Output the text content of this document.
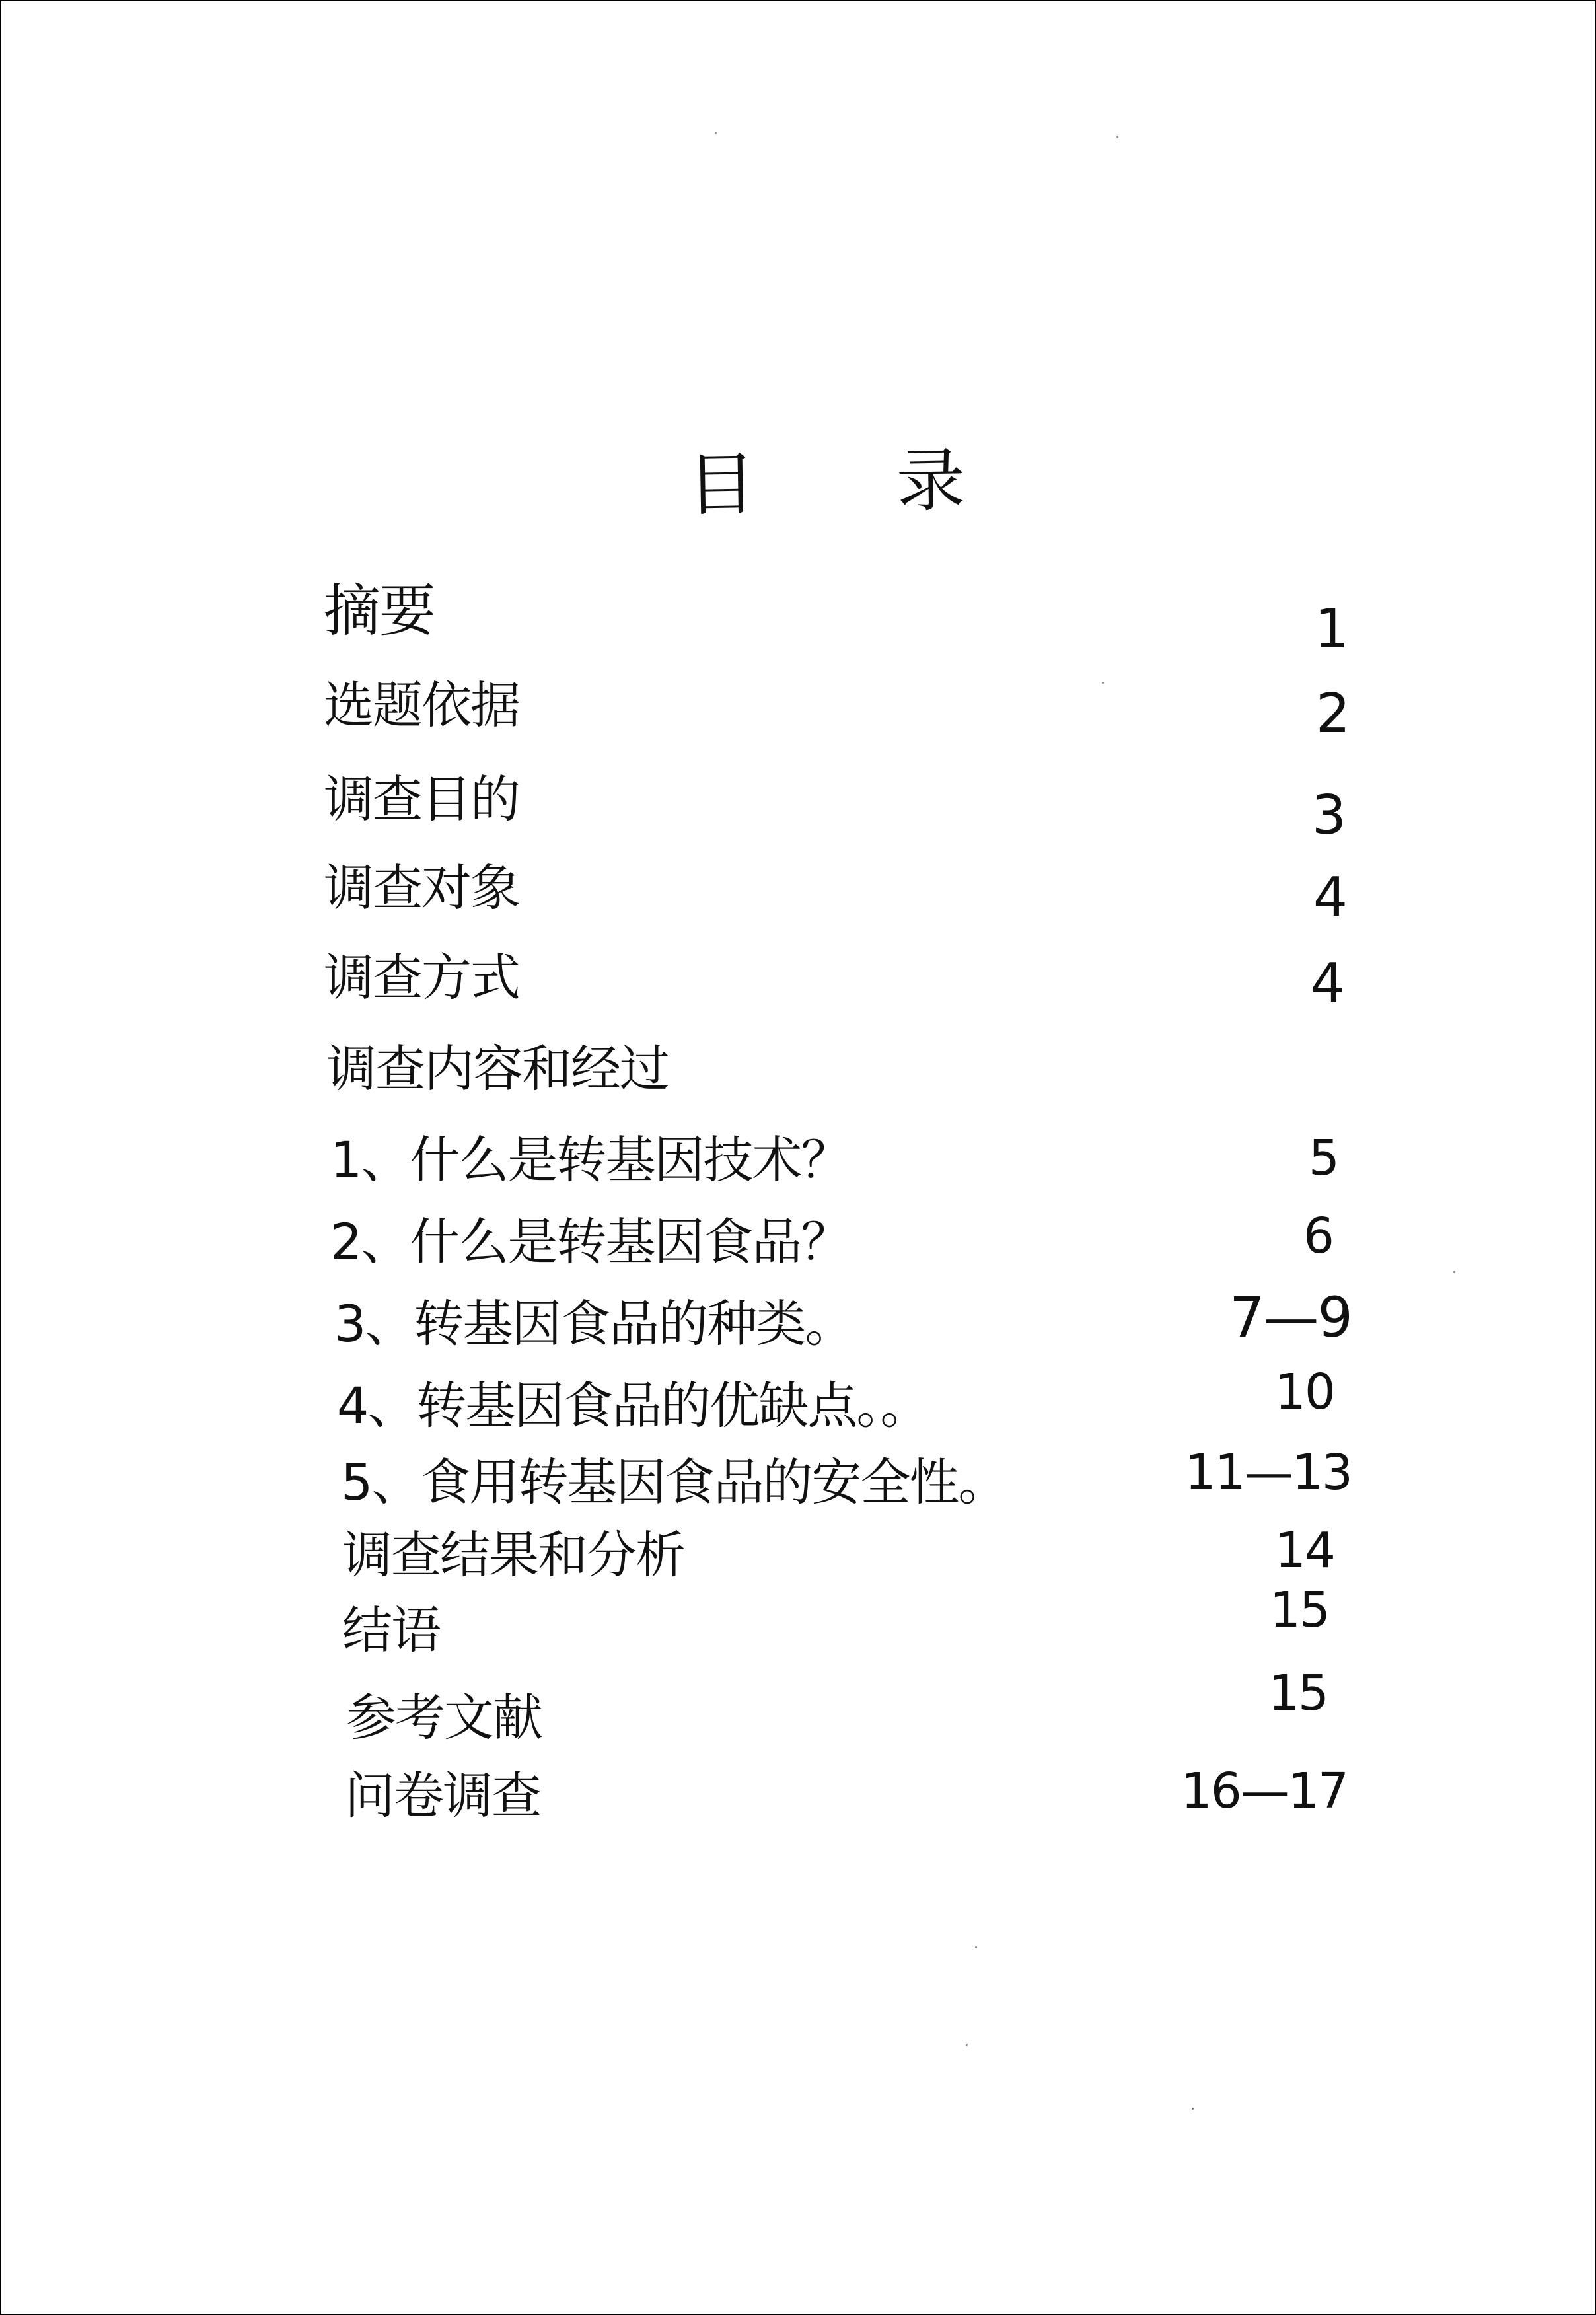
目 录
摘要
选题依据
调查目的
调查对象
调查方式
调查内容和经过
1、什么是转基因技术？
2、什么是转基因食品？
3、转基因食品的种类。
4、转基因食品的优缺点。。
5、食用转基因食品的安全性。
调查结果和分析
结语
参考文献
问卷调查
1
2
3
4
4
5
6
7—9
10
11—13
14
15
15
16—17
